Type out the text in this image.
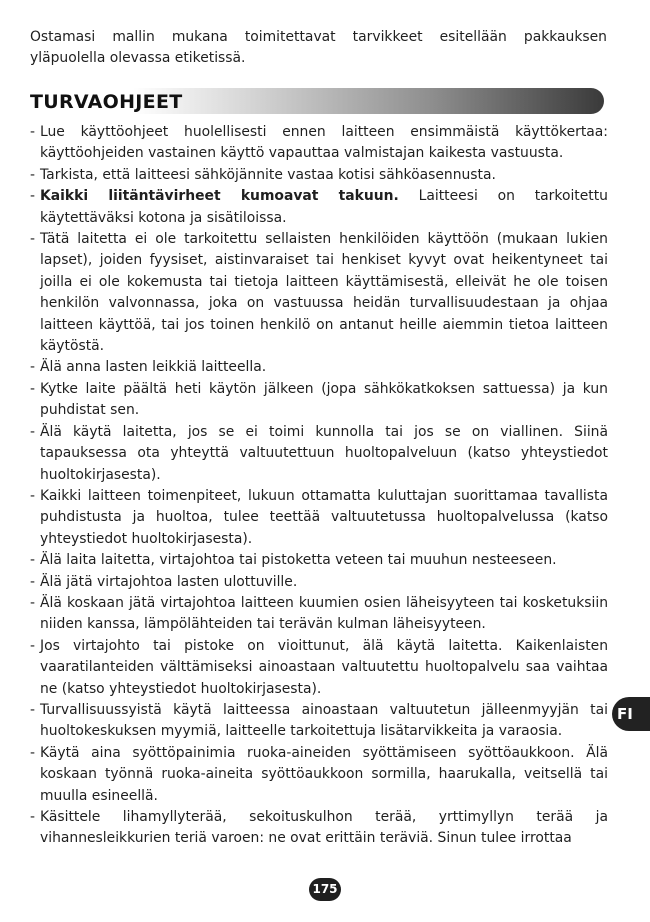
Ostamasi mallin mukana toimitettavat tarvikkeet esitellään pakkauksen yläpuolella olevassa etiketissä.

TURVAOHJEET
- Lue käyttöohjeet huolellisesti ennen laitteen ensimmäistä käyttökertaa: käyttöohjeiden vastainen käyttö vapauttaa valmistajan kaikesta vastuusta.
- Tarkista, että laitteesi sähköjännite vastaa kotisi sähköasennusta.
- Kaikki liitäntävirheet kumoavat takuun. Laitteesi on tarkoitettu käytettäväksi kotona ja sisätiloissa.
- Tätä laitetta ei ole tarkoitettu sellaisten henkilöiden käyttöön (mukaan lukien lapset), joiden fyysiset, aistinvaraiset tai henkiset kyvyt ovat heikentyneet tai joilla ei ole kokemusta tai tietoja laitteen käyttämisestä, elleivät he ole toisen henkilön valvonnassa, joka on vastuussa heidän turvallisuudestaan ja ohjaa laitteen käyttöä, tai jos toinen henkilö on antanut heille aiemmin tietoa laitteen käytöstä.
- Älä anna lasten leikkiä laitteella.
- Kytke laite päältä heti käytön jälkeen (jopa sähkökatkoksen sattuessa) ja kun puhdistat sen.
- Älä käytä laitetta, jos se ei toimi kunnolla tai jos se on viallinen. Siinä tapauksessa ota yhteyttä valtuutettuun huoltopalveluun (katso yhteystiedot huoltokirjasesta).
- Kaikki laitteen toimenpiteet, lukuun ottamatta kuluttajan suorittamaa tavallista puhdistusta ja huoltoa, tulee teettää valtuutetussa huoltopalvelussa (katso yhteystiedot huoltokirjasesta).
- Älä laita laitetta, virtajohtoa tai pistoketta veteen tai muuhun nesteeseen.
- Älä jätä virtajohtoa lasten ulottuville.
- Älä koskaan jätä virtajohtoa laitteen kuumien osien läheisyyteen tai kosketuksiin niiden kanssa, lämpölähteiden tai terävän kulman läheisyyteen.
- Jos virtajohto tai pistoke on vioittunut, älä käytä laitetta. Kaikenlaisten vaaratilanteiden välttämiseksi ainoastaan valtuutettu huoltopalvelu saa vaihtaa ne (katso yhteystiedot huoltokirjasesta).
- Turvallisuussyistä käytä laitteessa ainoastaan valtuutetun jälleenmyyjän tai huoltokeskuksen myymiä, laitteelle tarkoitettuja lisätarvikkeita ja varaosia.
- Käytä aina syöttöpainimia ruoka-aineiden syöttämiseen syöttöaukkoon. Älä koskaan työnnä ruoka-aineita syöttöaukkoon sormilla, haarukalla, veitsellä tai muulla esineellä.
- Käsittele lihamyllyterää, sekoituskulhon terää, yrttimyllyn terää ja vihannesleikkurien teriä varoen: ne ovat erittäin teräviä. Sinun tulee irrottaa

FI

175
